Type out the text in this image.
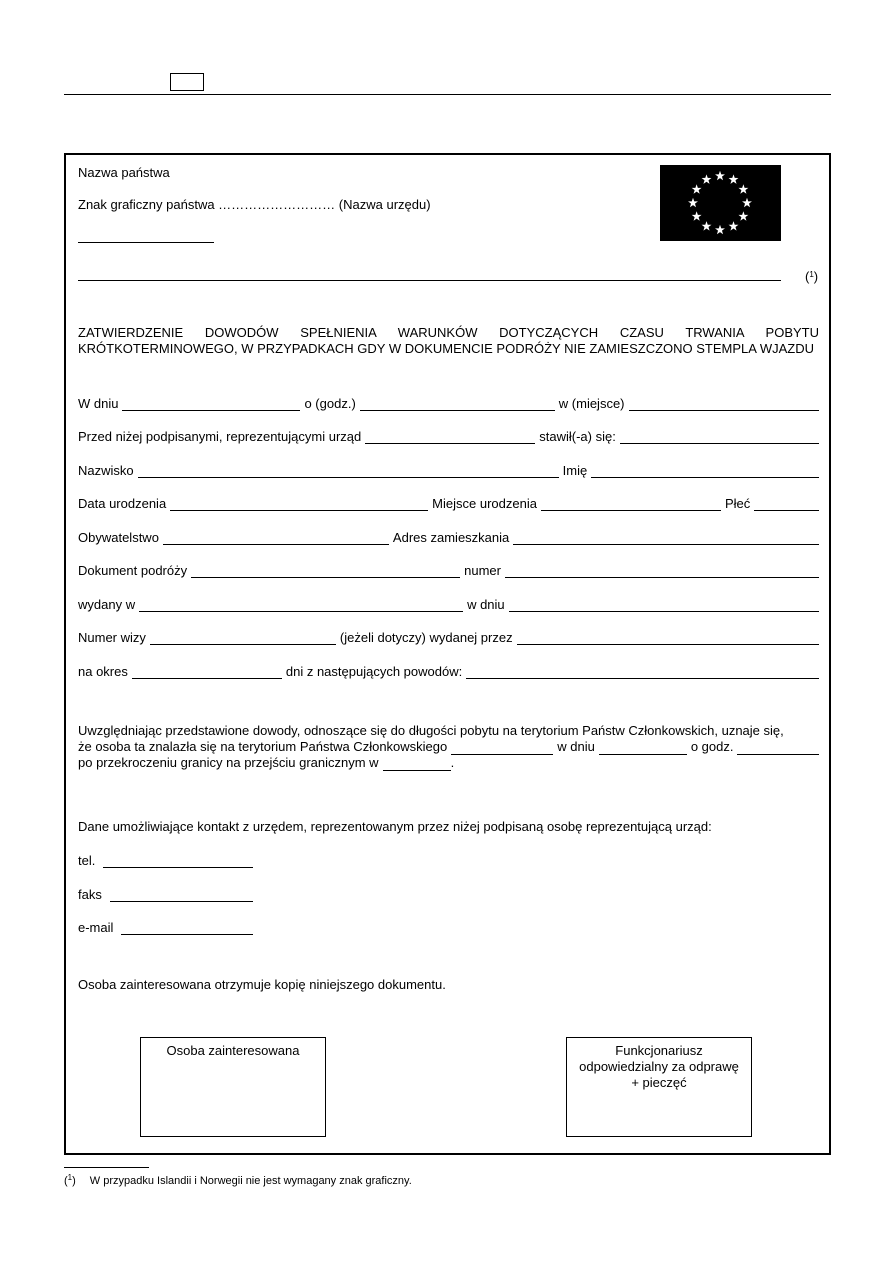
Nazwa państwa
Znak graficzny państwa ……………………… (Nazwa urzędu)
($^1$)
ZATWIERDZENIE DOWODÓW SPEŁNIENIA WARUNKÓW DOTYCZĄCYCH CZASU TRWANIA POBYTU KRÓTKOTERMINOWEGO, W PRZYPADKACH GDY W DOKUMENCIE PODRÓŻY NIE ZAMIESZCZONO STEMPLA WJAZDU
W dniu	o (godz.)	w (miejsce)
Przed niżej podpisanymi, reprezentującymi urząd	stawił(-a) się:
Nazwisko	Imię
Data urodzenia	Miejsce urodzenia	Płeć
Obywatelstwo	Adres zamieszkania
Dokument podróży	numer
wydany w	w dniu
Numer wizy	(jeżeli dotyczy) wydanej przez
na okres	dni z następujących powodów:
Uwzględniając przedstawione dowody, odnoszące się do długości pobytu na terytorium Państw Członkowskich, uznaje się,
że osoba ta znalazła się na terytorium Państwa Członkowskiego	w dniu	o godz.
po przekroczeniu granicy na przejściu granicznym w	.
Dane umożliwiające kontakt z urzędem, reprezentowanym przez niżej podpisaną osobę reprezentującą urząd:
tel.
faks
e-mail
Osoba zainteresowana otrzymuje kopię niniejszego dokumentu.
Osoba zainteresowana	Funkcjonariusz
odpowiedzialny za odprawę
+ pieczęć
($^1$) W przypadku Islandii i Norwegii nie jest wymagany znak graficzny.
